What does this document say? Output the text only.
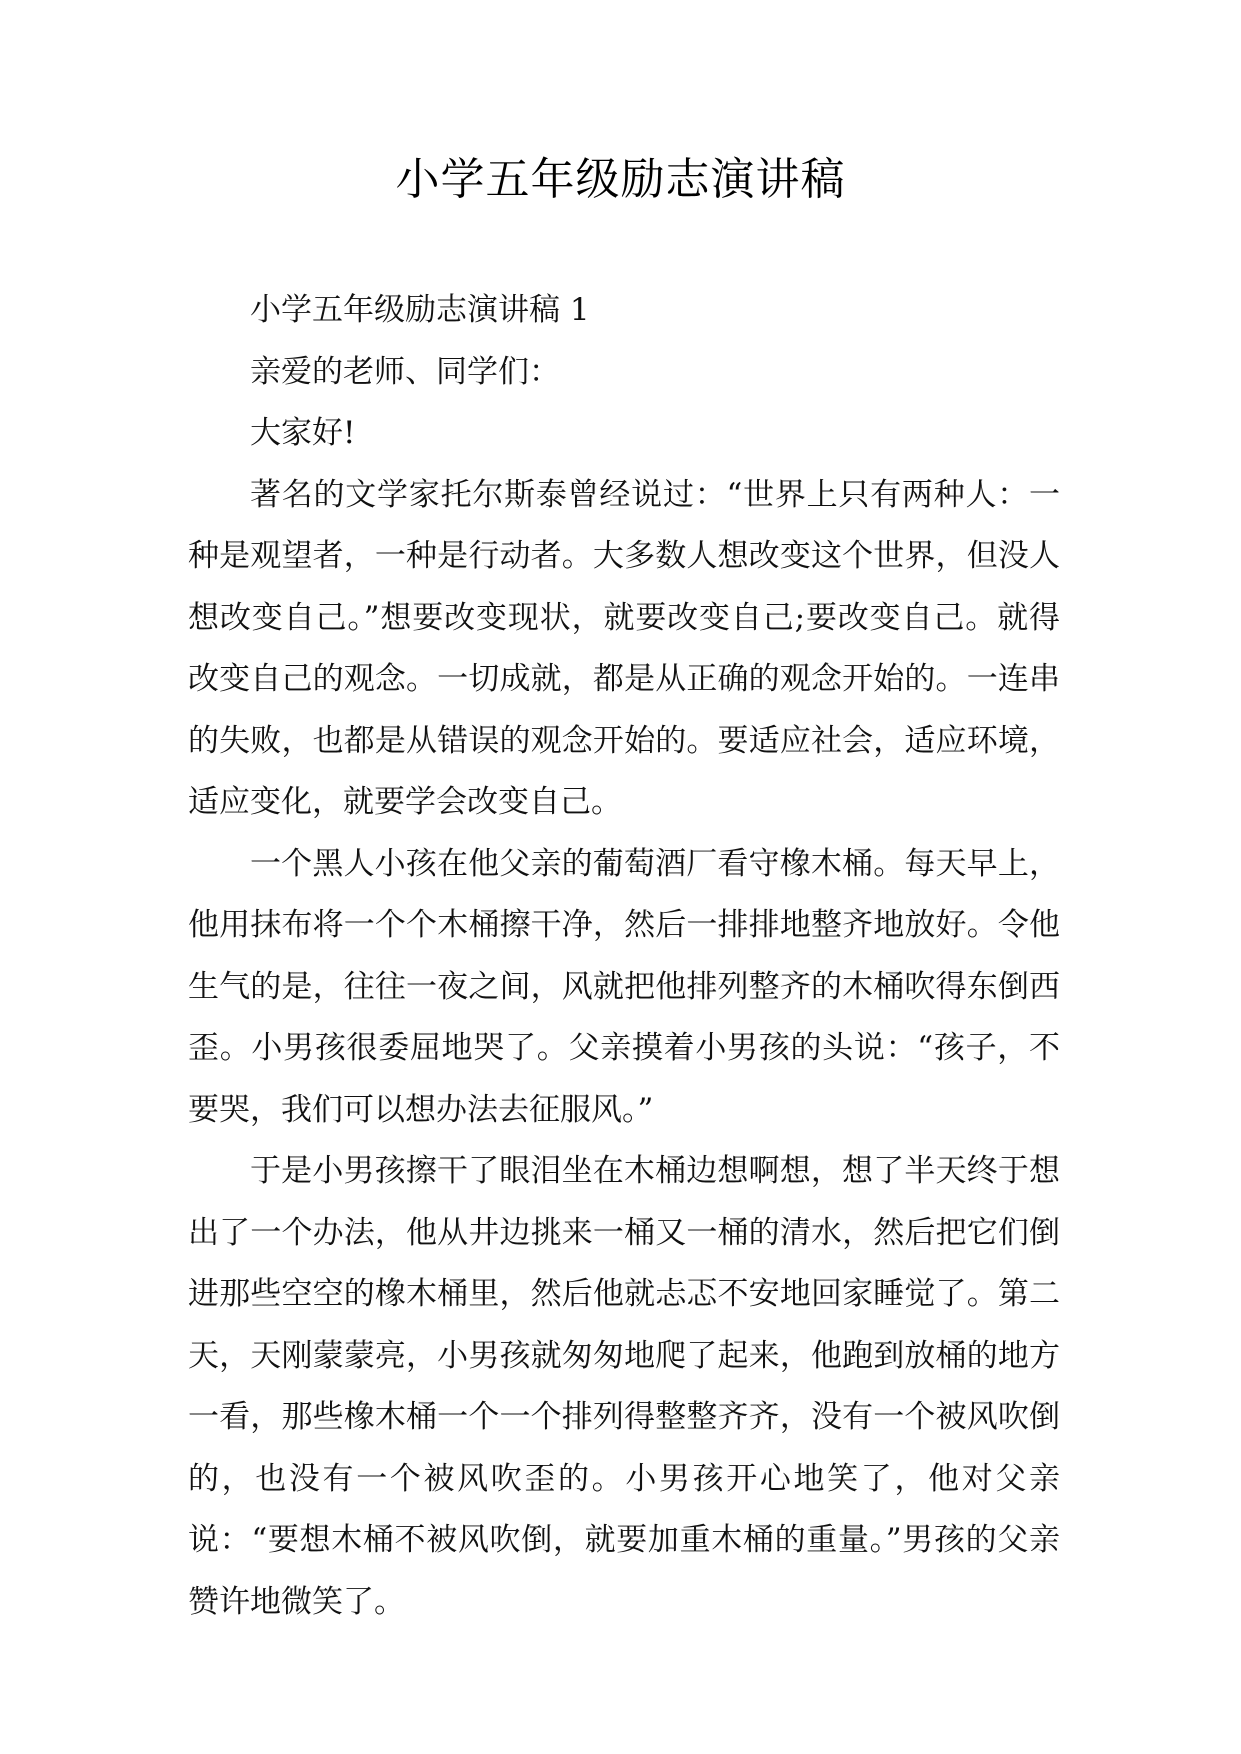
小学五年级励志演讲稿

小学五年级励志演讲稿 1

亲爱的老师、同学们：

大家好!

著名的文学家托尔斯泰曾经说过：“世界上只有两种人：一种是观望者，一种是行动者。大多数人想改变这个世界，但没人想改变自己。”想要改变现状，就要改变自己;要改变自己。就得改变自己的观念。一切成就，都是从正确的观念开始的。一连串的失败，也都是从错误的观念开始的。要适应社会，适应环境，适应变化，就要学会改变自己。

一个黑人小孩在他父亲的葡萄酒厂看守橡木桶。每天早上，他用抹布将一个个木桶擦干净，然后一排排地整齐地放好。令他生气的是，往往一夜之间，风就把他排列整齐的木桶吹得东倒西歪。小男孩很委屈地哭了。父亲摸着小男孩的头说：“孩子，不要哭，我们可以想办法去征服风。”

于是小男孩擦干了眼泪坐在木桶边想啊想，想了半天终于想出了一个办法，他从井边挑来一桶又一桶的清水，然后把它们倒进那些空空的橡木桶里，然后他就忐忑不安地回家睡觉了。第二天，天刚蒙蒙亮，小男孩就匆匆地爬了起来，他跑到放桶的地方一看，那些橡木桶一个一个排列得整整齐齐，没有一个被风吹倒的，也没有一个被风吹歪的。小男孩开心地笑了，他对父亲说：“要想木桶不被风吹倒，就要加重木桶的重量。”男孩的父亲赞许地微笑了。
